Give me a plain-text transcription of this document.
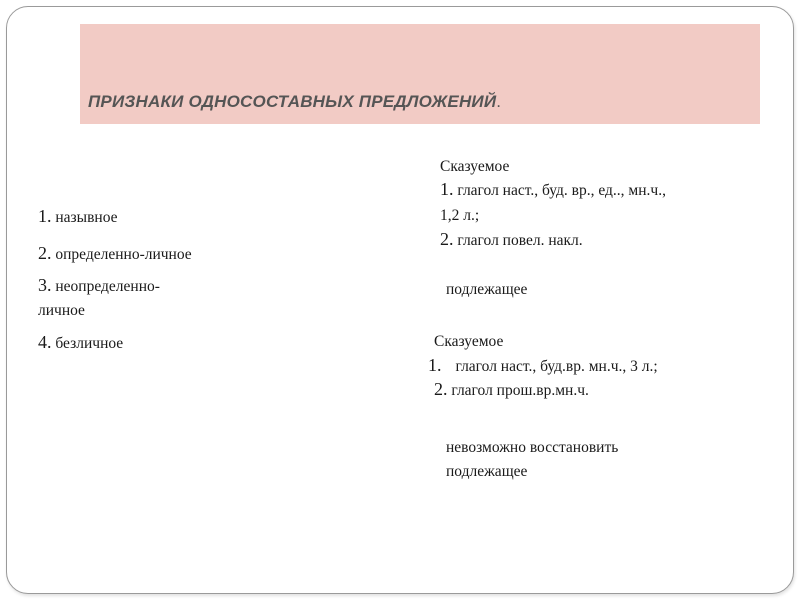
ПРИЗНАКИ ОДНОСОСТАВНЫХ ПРЕДЛОЖЕНИЙ.
1. назывное
2. определенно-личное
3. неопределенно-
личное
4. безличное
Сказуемое
1. глагол наст., буд. вр., ед.., мн.ч.,
1,2 л.;
2. глагол повел. накл.
подлежащее
Сказуемое
1. глагол наст., буд.вр. мн.ч., 3 л.;
2. глагол прош.вр.мн.ч.
невозможно восстановить
подлежащее
